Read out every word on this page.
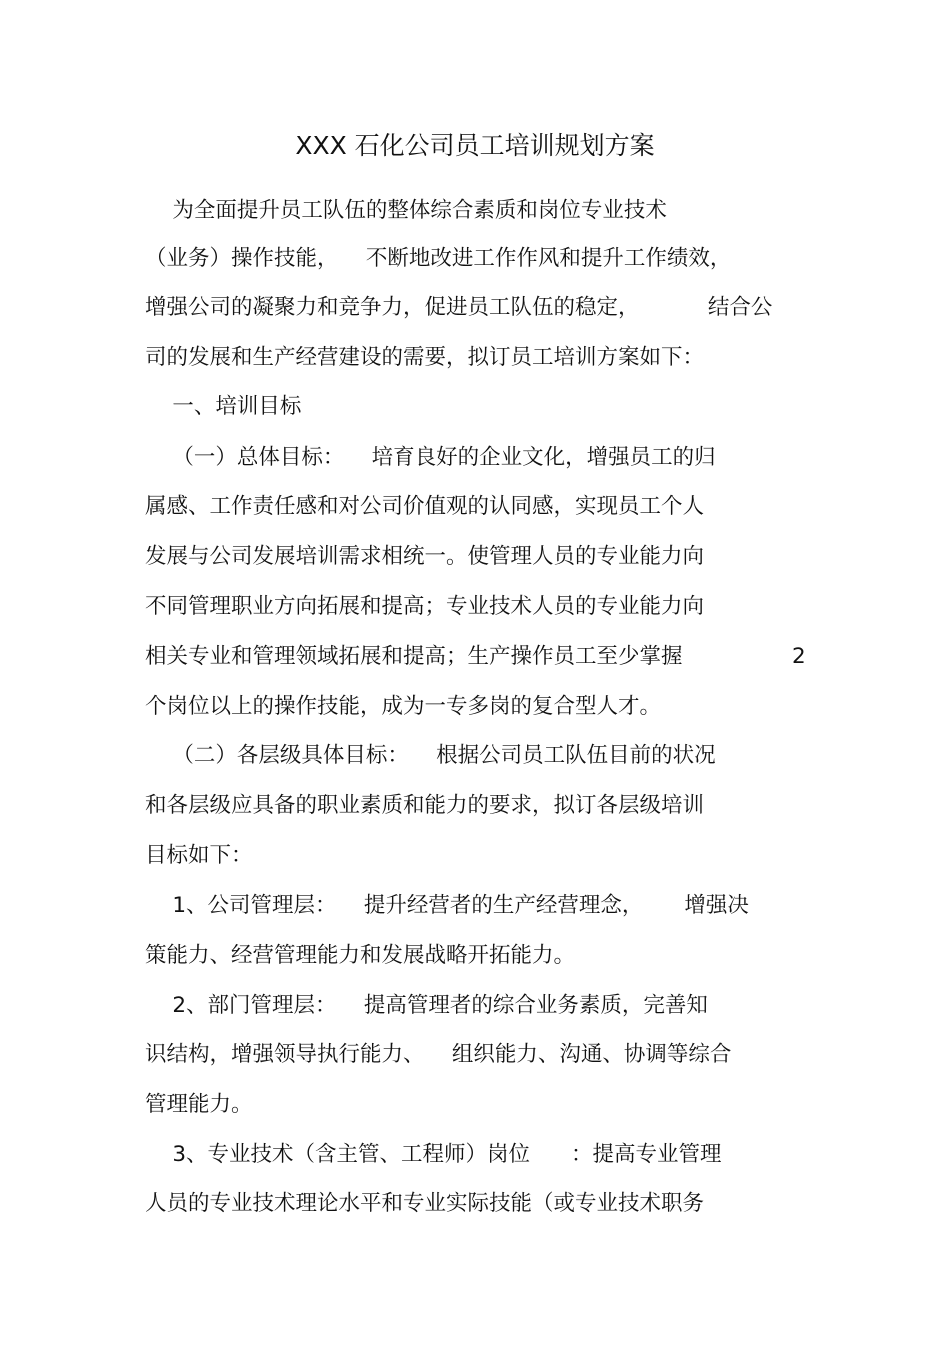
XXX 石化公司员工培训规划方案
为全面提升员工队伍的整体综合素质和岗位专业技术
（业务）操作技能，    不断地改进工作作风和提升工作绩效，
增强公司的凝聚力和竞争力，促进员工队伍的稳定，          结合公
司的发展和生产经营建设的需要，拟订员工培训方案如下：
一、培训目标
（一）总体目标：    培育良好的企业文化，增强员工的归
属感、工作责任感和对公司价值观的认同感，实现员工个人
发展与公司发展培训需求相统一。使管理人员的专业能力向
不同管理职业方向拓展和提高；专业技术人员的专业能力向
相关专业和管理领域拓展和提高；生产操作员工至少掌握	2
个岗位以上的操作技能，成为一专多岗的复合型人才。
（二）各层级具体目标：    根据公司员工队伍目前的状况
和各层级应具备的职业素质和能力的要求，拟订各层级培训
目标如下：
1、公司管理层：    提升经营者的生产经营理念，      增强决
策能力、经营管理能力和发展战略开拓能力。
2、部门管理层：    提高管理者的综合业务素质，完善知
识结构，增强领导执行能力、    组织能力、沟通、协调等综合
管理能力。
3、专业技术（含主管、工程师）岗位      ：提高专业管理
人员的专业技术理论水平和专业实际技能（或专业技术职务
